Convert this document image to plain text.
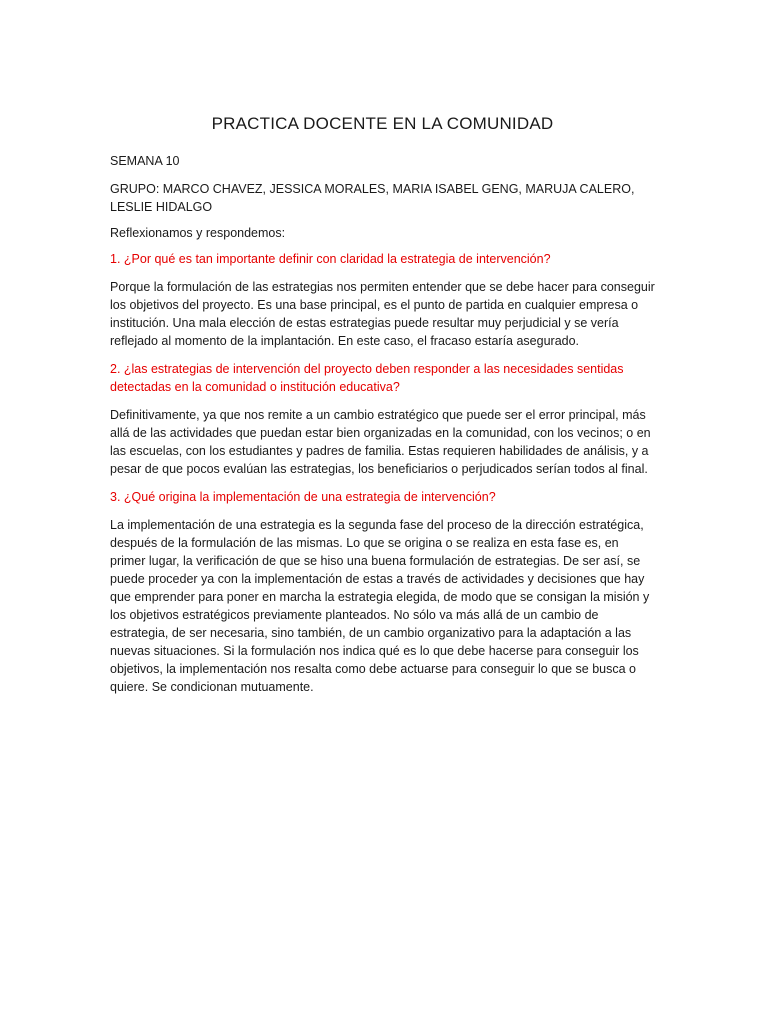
PRACTICA DOCENTE EN LA COMUNIDAD

SEMANA 10

GRUPO: MARCO CHAVEZ, JESSICA MORALES, MARIA ISABEL GENG, MARUJA CALERO, LESLIE HIDALGO

Reflexionamos y respondemos:

1. ¿Por qué es tan importante definir con claridad la estrategia de intervención?

Porque la formulación de las estrategias nos permiten entender que se debe hacer para conseguir los objetivos del proyecto. Es una base principal, es el punto de partida en cualquier empresa o institución. Una mala elección de estas estrategias puede resultar muy perjudicial y se vería reflejado al momento de la implantación. En este caso, el fracaso estaría asegurado.

2. ¿las estrategias de intervención del proyecto deben responder a las necesidades sentidas detectadas en la comunidad o institución educativa?

Definitivamente, ya que nos remite a un cambio estratégico que puede ser el error principal, más allá de las actividades que puedan estar bien organizadas en la comunidad, con los vecinos; o en las escuelas, con los estudiantes y padres de familia. Estas requieren habilidades de análisis, y a pesar de que pocos evalúan las estrategias, los beneficiarios o perjudicados serían todos al final.

3. ¿Qué origina la implementación de una estrategia de intervención?

La implementación de una estrategia es la segunda fase del proceso de la dirección estratégica, después de la formulación de las mismas. Lo que se origina o se realiza en esta fase es, en primer lugar, la verificación de que se hiso una buena formulación de estrategias. De ser así, se puede proceder ya con la implementación de estas a través de actividades y decisiones que hay que emprender para poner en marcha la estrategia elegida, de modo que se consigan la misión y los objetivos estratégicos previamente planteados. No sólo va más allá de un cambio de estrategia, de ser necesaria, sino también, de un cambio organizativo para la adaptación a las nuevas situaciones. Si la formulación nos indica qué es lo que debe hacerse para conseguir los objetivos, la implementación nos resalta como debe actuarse para conseguir lo que se busca o quiere. Se condicionan mutuamente.
